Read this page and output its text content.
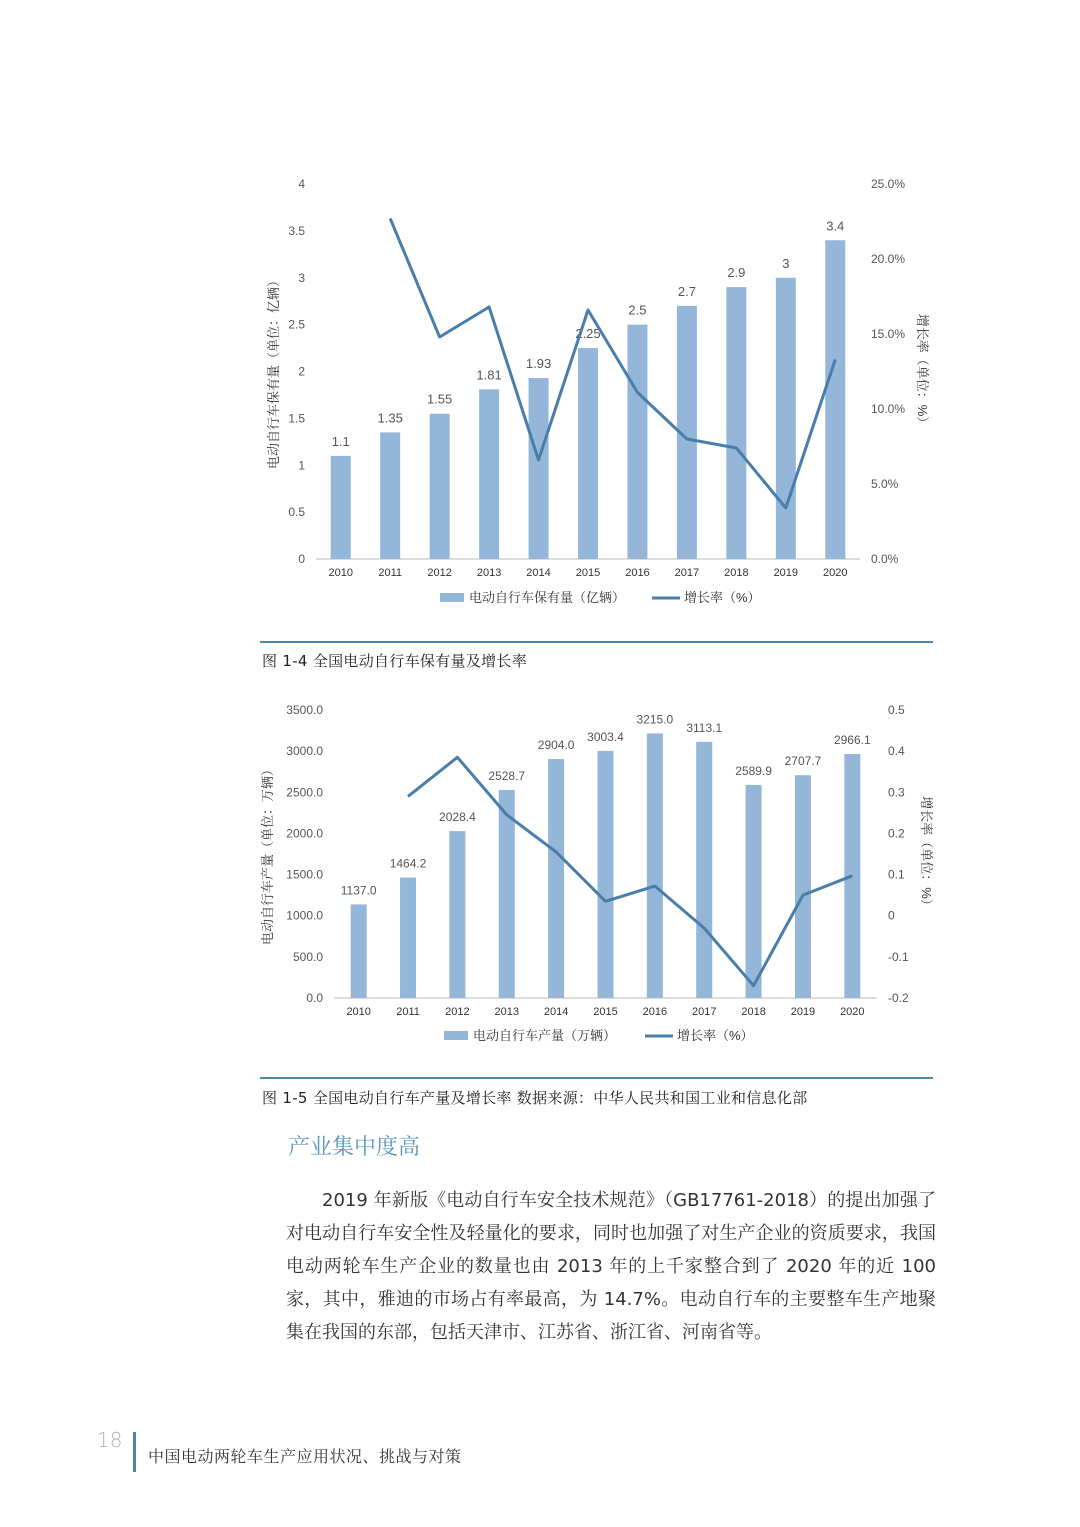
0
0.5
1
1.5
2
2.5
3
3.5
4
0.0%
5.0%
10.0%
15.0%
20.0%
25.0%
1.1
2010
1.35
2011
1.55
2012
1.81
2013
1.93
2014
2.25
2015
2.5
2016
2.7
2017
2.9
2018
3
2019
3.4
2020
电动自行车保有量（单位：亿辆）	增长率（单位：%）
电动自行车保有量（亿辆）	增长率（%）
图 1-4 全国电动自行车保有量及增长率
0.0
500.0
1000.0
1500.0
2000.0
2500.0
3000.0
3500.0
-0.2
-0.1
0
0.1
0.2
0.3
0.4
0.5
1137.0
2010
1464.2
2011
2028.4
2012
2528.7
2013
2904.0
2014
3003.4
2015
3215.0
2016
3113.1
2017
2589.9
2018
2707.7
2019
2966.1
2020
电动自行车产量（单位：万辆）	增长率（单位：%）
电动自行车产量（万辆）	增长率（%）
图 1-5 全国电动自行车产量及增长率 数据来源：中华人民共和国工业和信息化部
产业集中度高
2019 年新版《电动自行车安全技术规范》（GB17761-2018）的提出加强了对电动自行车安全性及轻量化的要求，同时也加强了对生产企业的资质要求，我国电动两轮车生产企业的数量也由 2013 年的上千家整合到了 2020 年的近 100 家，其中，雅迪的市场占有率最高，为 14.7%。电动自行车的主要整车生产地聚集在我国的东部，包括天津市、江苏省、浙江省、河南省等。
18
中国电动两轮车生产应用状况、挑战与对策
